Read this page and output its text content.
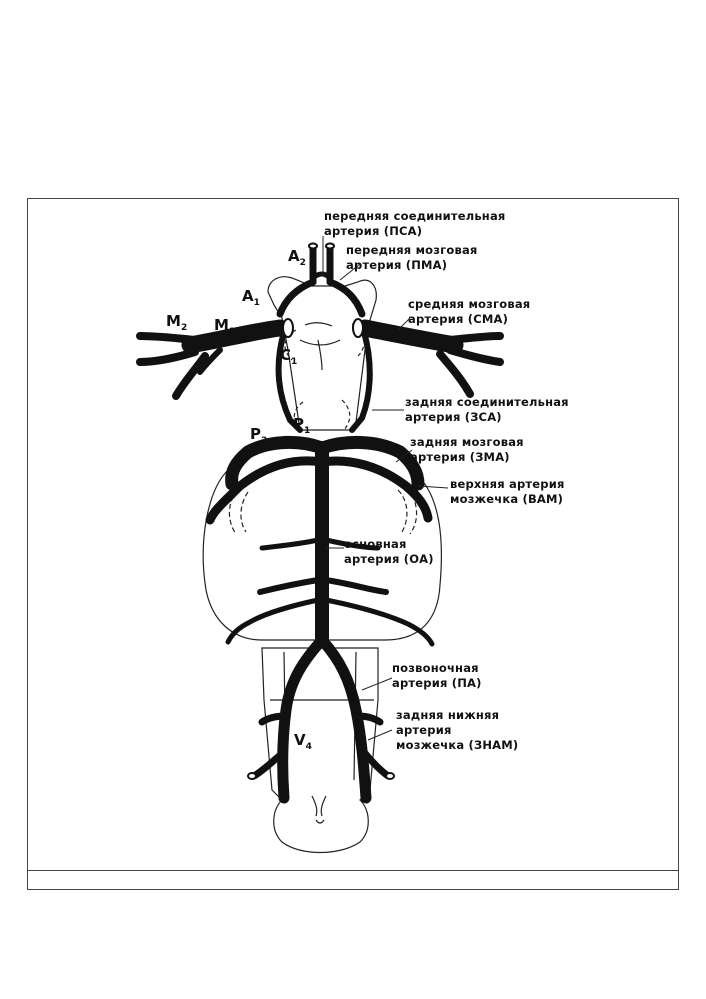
передняя соединительная
артерия (ПСА)
передняя мозговая
артерия (ПМА)
средняя мозговая
артерия (СМА)
задняя соединительная
артерия (ЗСА)
задняя мозговая
артерия (ЗМА)
верхняя артерия
мозжечка (ВАМ)
основная
артерия (ОА)
позвоночная
артерия (ПА)
задняя нижняя
артерия
мозжечка (ЗНАМ)
$A_2$
$A_1$
$M_2$ $M_1$
$C_1$
$P_2$
$P_1$
$V_4$
